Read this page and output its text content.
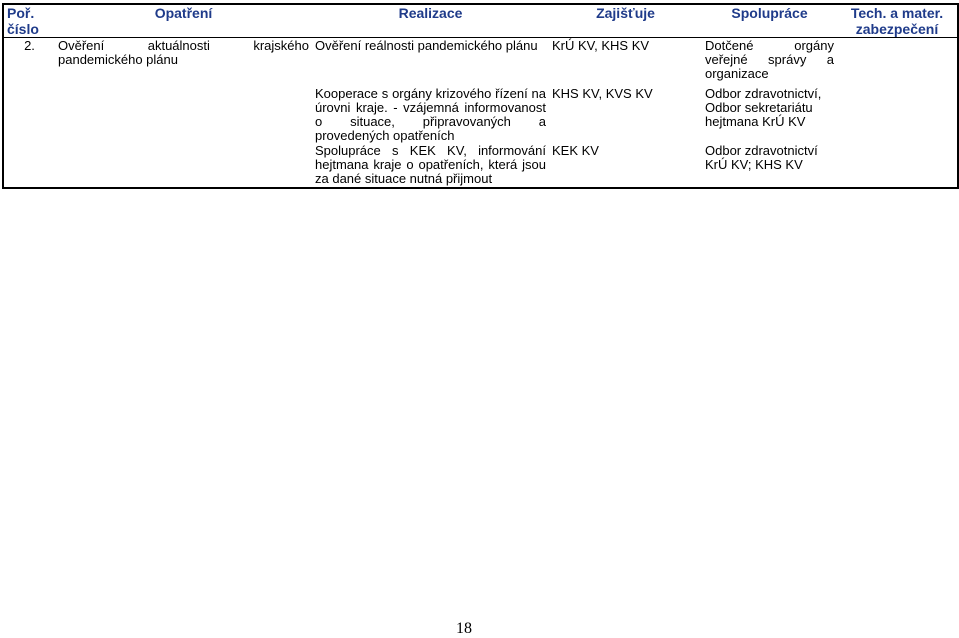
Poř. číslo	Opatření	Realizace	Zajišťuje	Spolupráce	Tech. a mater. zabezpečení
2.	Ověření aktuálnosti krajského pandemického plánu	Ověření reálnosti pandemického plánu	KrÚ KV, KHS KV	Dotčené orgány veřejné správy a organizace	
		Kooperace s orgány krizového řízení na úrovni kraje. - vzájemná informovanost o situace, připravovaných a provedených opatřeních	KHS KV, KVS KV	Odbor zdravotnictví, Odbor sekretariátu hejtmana KrÚ KV	
		Spolupráce s KEK KV, informování hejtmana kraje o opatřeních, která jsou za dané situace nutná přijmout	KEK KV	Odbor zdravotnictví KrÚ KV; KHS KV	
18
